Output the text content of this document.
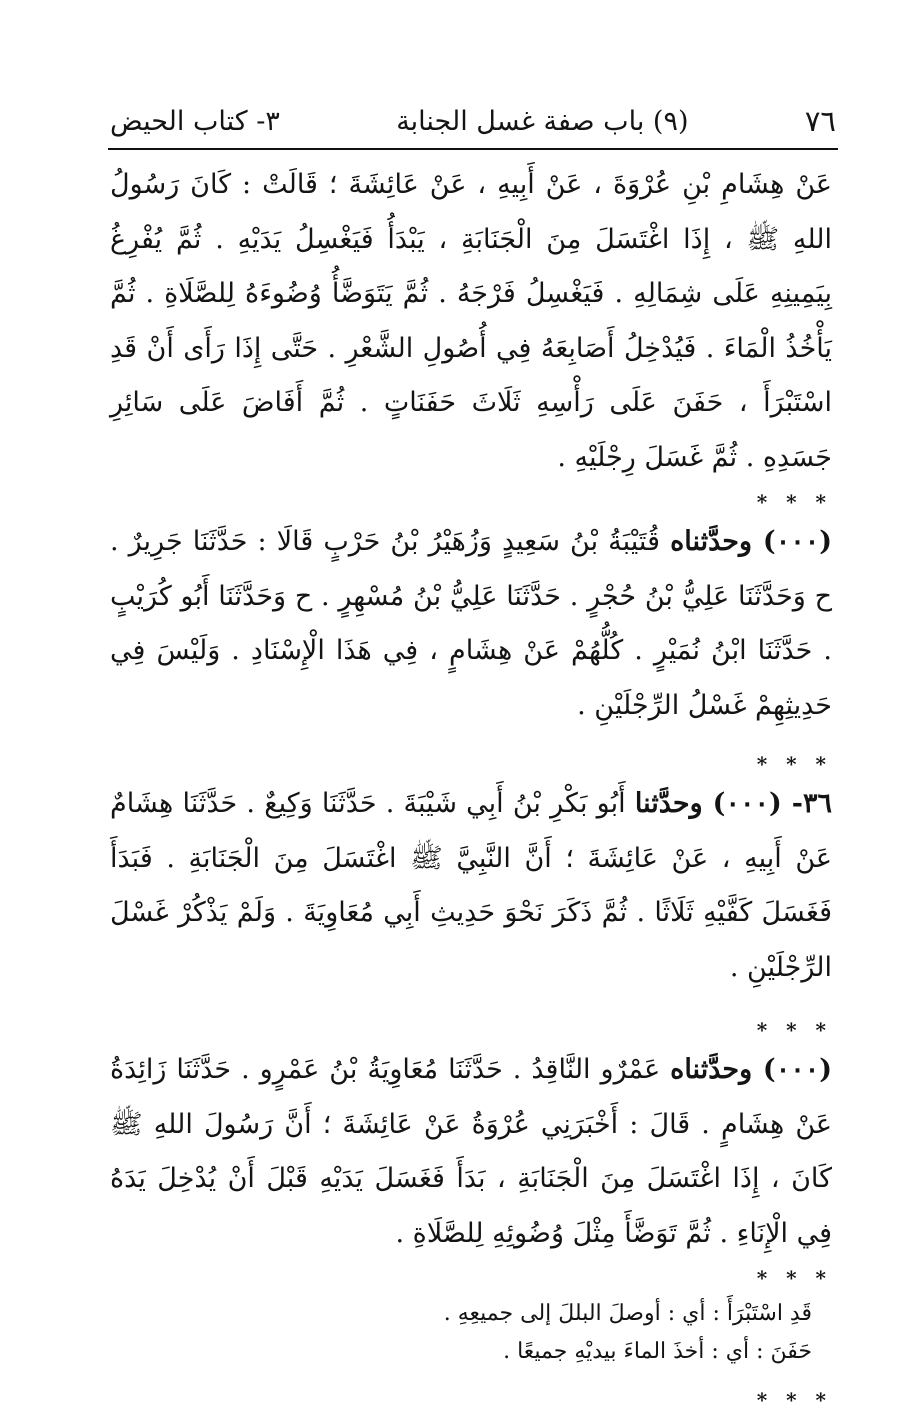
٧٦
(٩) باب صفة غسل الجنابة
٣- كتاب الحيض

عَنْ هِشَامِ بْنِ عُرْوَةَ ، عَنْ أَبِيهِ ، عَنْ عَائِشَةَ ؛ قَالَتْ : كَانَ رَسُولُ اللهِ ﷺ ، إِذَا اغْتَسَلَ مِنَ الْجَنَابَةِ ، يَبْدَأُ فَيَغْسِلُ يَدَيْهِ . ثُمَّ يُفْرِغُ بِيَمِينِهِ عَلَى شِمَالِهِ . فَيَغْسِلُ فَرْجَهُ . ثُمَّ يَتَوَضَّأُ وُضُوءَهُ لِلصَّلَاةِ . ثُمَّ يَأْخُذُ الْمَاءَ . فَيُدْخِلُ أَصَابِعَهُ فِي أُصُولِ الشَّعْرِ . حَتَّى إِذَا رَأَى أَنْ قَدِ اسْتَبْرَأَ ، حَفَنَ عَلَى رَأْسِهِ ثَلَاثَ حَفَنَاتٍ . ثُمَّ أَفَاضَ عَلَى سَائِرِ جَسَدِهِ . ثُمَّ غَسَلَ رِجْلَيْهِ .

* * *

(٠٠٠) وحدَّثناه قُتَيْبَةُ بْنُ سَعِيدٍ وَزُهَيْرُ بْنُ حَرْبٍ قَالَا : حَدَّثَنَا جَرِيرٌ . ح وَحَدَّثَنَا عَلِيُّ بْنُ حُجْرٍ . حَدَّثَنَا عَلِيُّ بْنُ مُسْهِرٍ . ح وَحَدَّثَنَا أَبُو كُرَيْبٍ . حَدَّثَنَا ابْنُ نُمَيْرٍ . كُلُّهُمْ عَنْ هِشَامٍ ، فِي هَذَا الْإِسْنَادِ . وَلَيْسَ فِي حَدِيثِهِمْ غَسْلُ الرِّجْلَيْنِ .

* * *

٣٦- (٠٠٠) وحدَّثنا أَبُو بَكْرِ بْنُ أَبِي شَيْبَةَ . حَدَّثَنَا وَكِيعٌ . حَدَّثَنَا هِشَامٌ عَنْ أَبِيهِ ، عَنْ عَائِشَةَ ؛ أَنَّ النَّبِيَّ ﷺ اغْتَسَلَ مِنَ الْجَنَابَةِ . فَبَدَأَ فَغَسَلَ كَفَّيْهِ ثَلَاثًا . ثُمَّ ذَكَرَ نَحْوَ حَدِيثِ أَبِي مُعَاوِيَةَ . وَلَمْ يَذْكُرْ غَسْلَ الرِّجْلَيْنِ .

* * *

(٠٠٠) وحدَّثناه عَمْرٌو النَّاقِدُ . حَدَّثَنَا مُعَاوِيَةُ بْنُ عَمْرٍو . حَدَّثَنَا زَائِدَةُ عَنْ هِشَامٍ . قَالَ : أَخْبَرَنِي عُرْوَةُ عَنْ عَائِشَةَ ؛ أَنَّ رَسُولَ اللهِ ﷺ كَانَ ، إِذَا اغْتَسَلَ مِنَ الْجَنَابَةِ ، بَدَأَ فَغَسَلَ يَدَيْهِ قَبْلَ أَنْ يُدْخِلَ يَدَهُ فِي الْإِنَاءِ . ثُمَّ تَوَضَّأَ مِثْلَ وُضُوئِهِ لِلصَّلَاةِ .

* * *
قَدِ اسْتَبْرَأَ : أي : أوصلَ البللَ إلى جميعِهِ .
حَفَنَ : أي : أخذَ الماءَ بيديْهِ جميعًا .
* * *
